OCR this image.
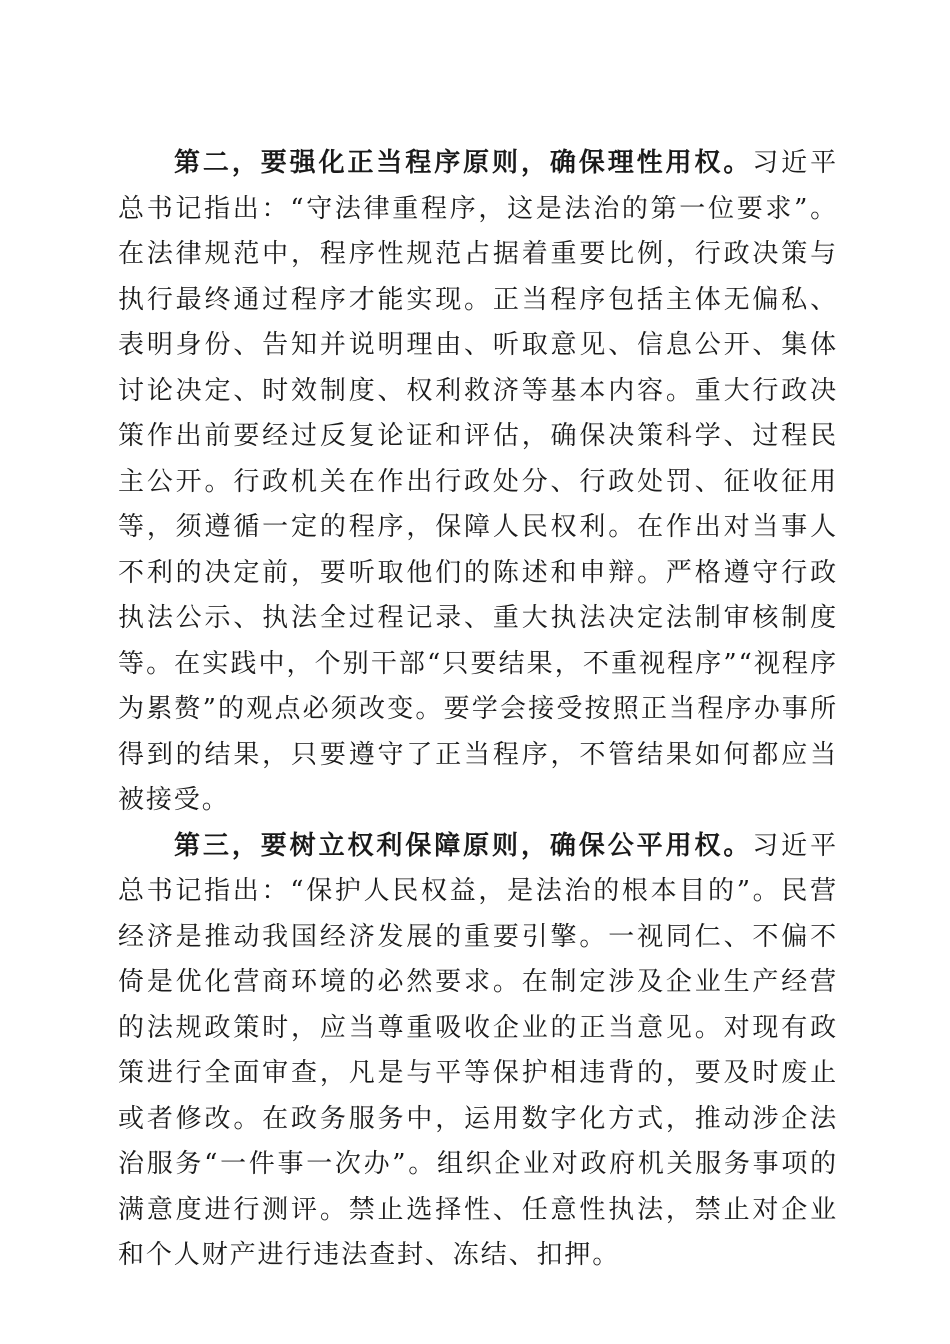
第二，要强化正当程序原则，确保理性用权。习近平总书记指出：“守法律重程序，这是法治的第一位要求”。在法律规范中，程序性规范占据着重要比例，行政决策与执行最终通过程序才能实现。正当程序包括主体无偏私、表明身份、告知并说明理由、听取意见、信息公开、集体讨论决定、时效制度、权利救济等基本内容。重大行政决策作出前要经过反复论证和评估，确保决策科学、过程民主公开。行政机关在作出行政处分、行政处罚、征收征用等，须遵循一定的程序，保障人民权利。在作出对当事人不利的决定前，要听取他们的陈述和申辩。严格遵守行政执法公示、执法全过程记录、重大执法决定法制审核制度等。在实践中，个别干部“只要结果，不重视程序”“视程序为累赘”的观点必须改变。要学会接受按照正当程序办事所得到的结果，只要遵守了正当程序，不管结果如何都应当被接受。

第三，要树立权利保障原则，确保公平用权。习近平总书记指出：“保护人民权益，是法治的根本目的”。民营经济是推动我国经济发展的重要引擎。一视同仁、不偏不倚是优化营商环境的必然要求。在制定涉及企业生产经营的法规政策时，应当尊重吸收企业的正当意见。对现有政策进行全面审查，凡是与平等保护相违背的，要及时废止或者修改。在政务服务中，运用数字化方式，推动涉企法治服务“一件事一次办”。组织企业对政府机关服务事项的满意度进行测评。禁止选择性、任意性执法，禁止对企业和个人财产进行违法查封、冻结、扣押。
